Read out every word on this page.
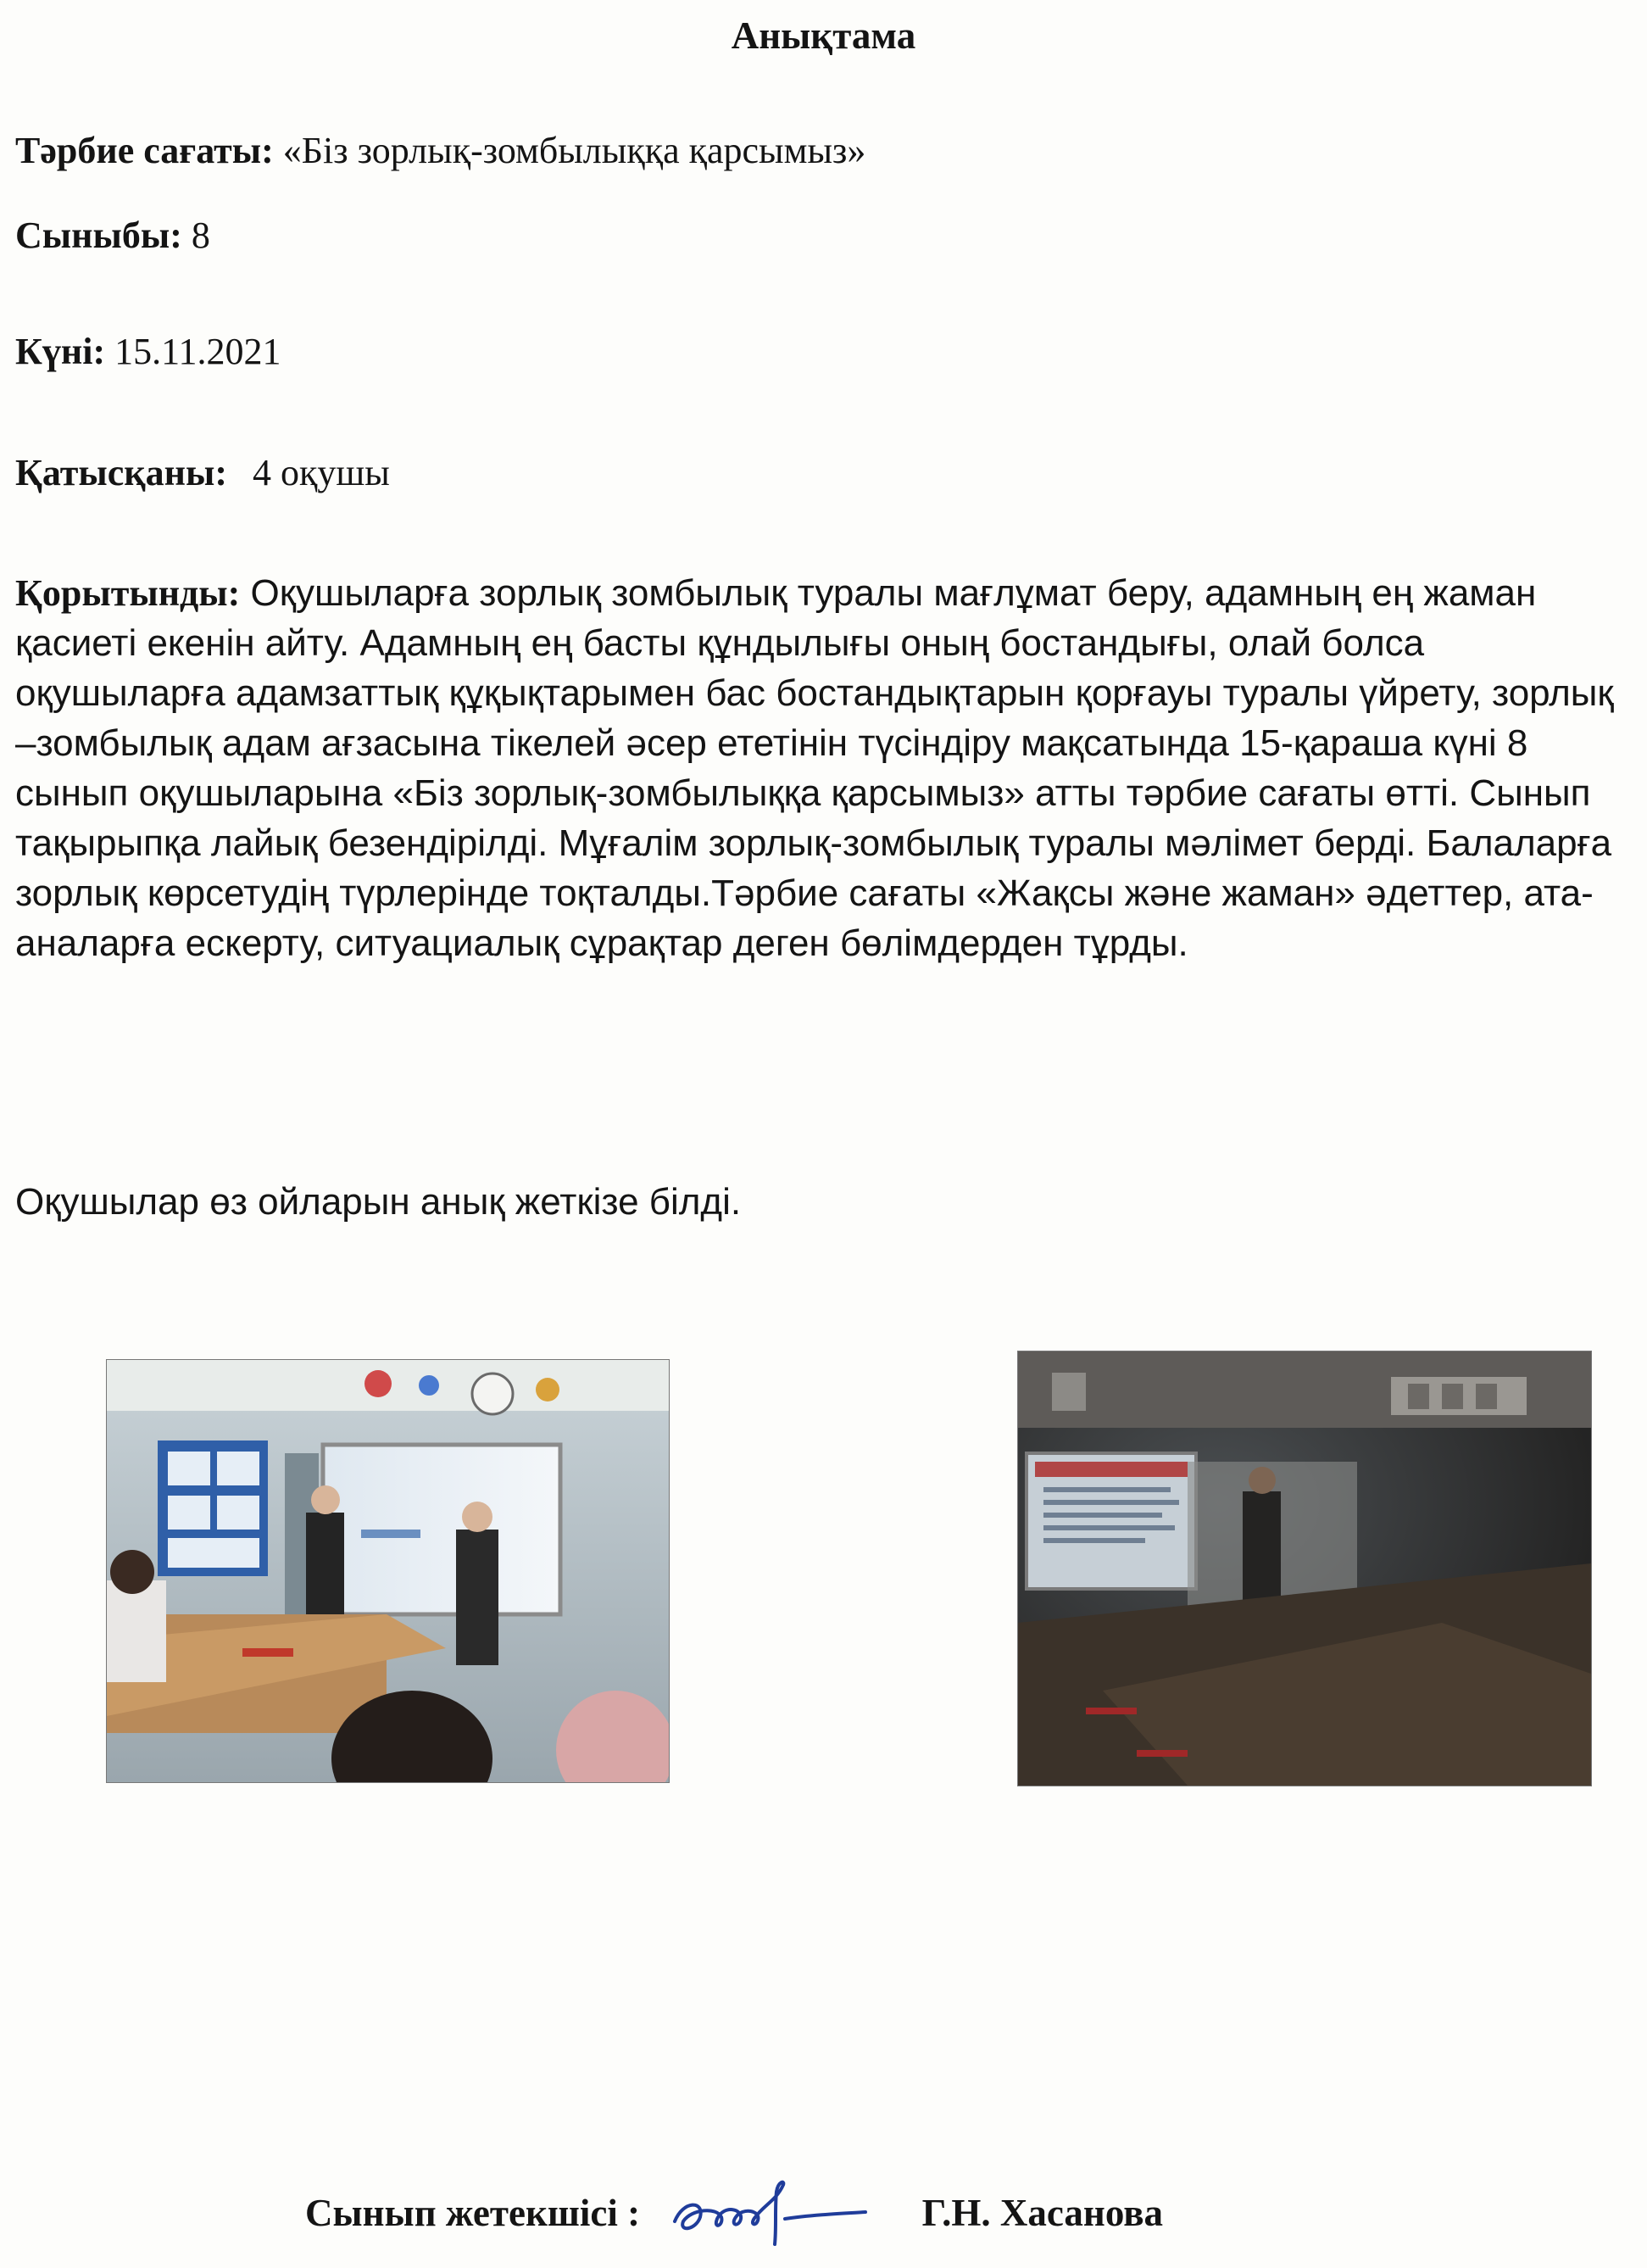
Анықтама
Тәрбие сағаты: «Біз зорлық-зомбылыққа қарсымыз»
Сыныбы: 8
Күні: 15.11.2021
Қатысқаны: 4 оқушы

Қорытынды: Оқушыларға зорлық зомбылық туралы мағлұмат беру, адамның ең жаман қасиеті екенін айту. Адамның ең басты құндылығы оның бостандығы, олай болса оқушыларға адамзаттық құқықтарымен бас бостандықтарын қорғауы туралы үйрету, зорлық –зомбылық адам ағзасына тікелей әсер ететінін түсіндіру мақсатында 15-қараша күні 8 сынып оқушыларына «Біз зорлық-зомбылыққа қарсымыз» атты тәрбие сағаты өтті. Сынып тақырыпқа лайық безендірілді. Мұғалім зорлық-зомбылық туралы мәлімет берді. Балаларға зорлық көрсетудің түрлерінде тоқталды.Тәрбие сағаты «Жақсы және жаман» әдеттер, ата-аналарға ескерту, ситуациалық сұрақтар деген бөлімдерден тұрды.

Оқушылар өз ойларын анық жеткізе білді.

Сынып жетекшісі :	Г.Н. Хасанова
